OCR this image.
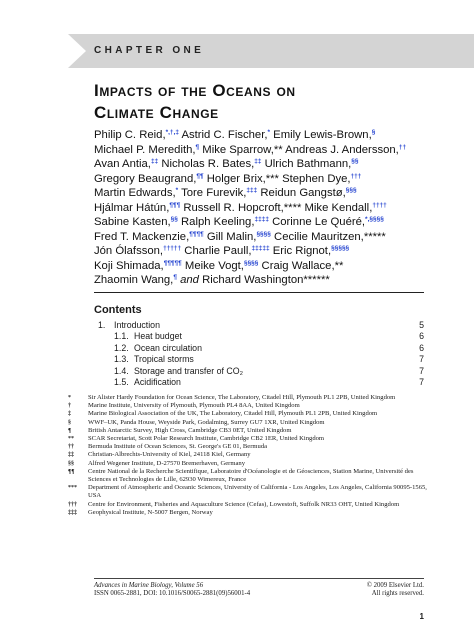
CHAPTER ONE
Impacts of the Oceans on
Climate Change
Philip C. Reid,*,†,‡ Astrid C. Fischer,* Emily Lewis-Brown,§
Michael P. Meredith,¶ Mike Sparrow,** Andreas J. Andersson,††
Avan Antia,‡‡ Nicholas R. Bates,‡‡ Ulrich Bathmann,§§
Gregory Beaugrand,¶¶ Holger Brix,*** Stephen Dye,†††
Martin Edwards,* Tore Furevik,‡‡‡ Reidun Gangstø,§§§
Hjálmar Hátún,¶¶¶ Russell R. Hopcroft,**** Mike Kendall,††††
Sabine Kasten,§§ Ralph Keeling,‡‡‡‡ Corinne Le Quéré,*,§§§§
Fred T. Mackenzie,¶¶¶¶ Gill Malin,§§§§ Cecilie Mauritzen,*****
Jón Ólafsson,††††† Charlie Paull,‡‡‡‡‡ Eric Rignot,§§§§§
Koji Shimada,¶¶¶¶¶ Meike Vogt,§§§§ Craig Wallace,**
Zhaomin Wang,¶ and Richard Washington******
Contents
1. Introduction	5
1.1. Heat budget	6
1.2. Ocean circulation	6
1.3. Tropical storms	7
1.4. Storage and transfer of CO₂	7
1.5. Acidification	7
*	Sir Alister Hardy Foundation for Ocean Science, The Laboratory, Citadel Hill, Plymouth PL1 2PB, United Kingdom
†	Marine Institute, University of Plymouth, Plymouth PL4 8AA, United Kingdom
‡	Marine Biological Association of the UK, The Laboratory, Citadel Hill, Plymouth PL1 2PB, United Kingdom
§	WWF–UK, Panda House, Weyside Park, Godalming, Surrey GU7 1XR, United Kingdom
¶	British Antarctic Survey, High Cross, Cambridge CB3 0ET, United Kingdom
** SCAR Secretariat, Scott Polar Research Institute, Cambridge CB2 1ER, United Kingdom
†† Bermuda Institute of Ocean Sciences, St. George's GE 01, Bermuda
‡‡ Christian-Albrechts-University of Kiel, 24118 Kiel, Germany
§§ Alfred Wegener Institute, D-27570 Bremerhaven, Germany
¶¶ Centre National de la Recherche Scientifique, Laboratoire d'Océanologie et de Géosciences, Station Marine, Université des Sciences et Technologies de Lille, 62930 Wimereux, France
*** Department of Atmospheric and Oceanic Sciences, University of California - Los Angeles, Los Angeles, California 90095-1565, USA
††† Centre for Environment, Fisheries and Aquaculture Science (Cefas), Lowestoft, Suffolk NR33 OHT, United Kingdom
‡‡‡ Geophysical Institute, N-5007 Bergen, Norway
Advances in Marine Biology, Volume 56	© 2009 Elsevier Ltd.
ISSN 0065-2881, DOI: 10.1016/S0065-2881(09)56001-4	All rights reserved.
1
